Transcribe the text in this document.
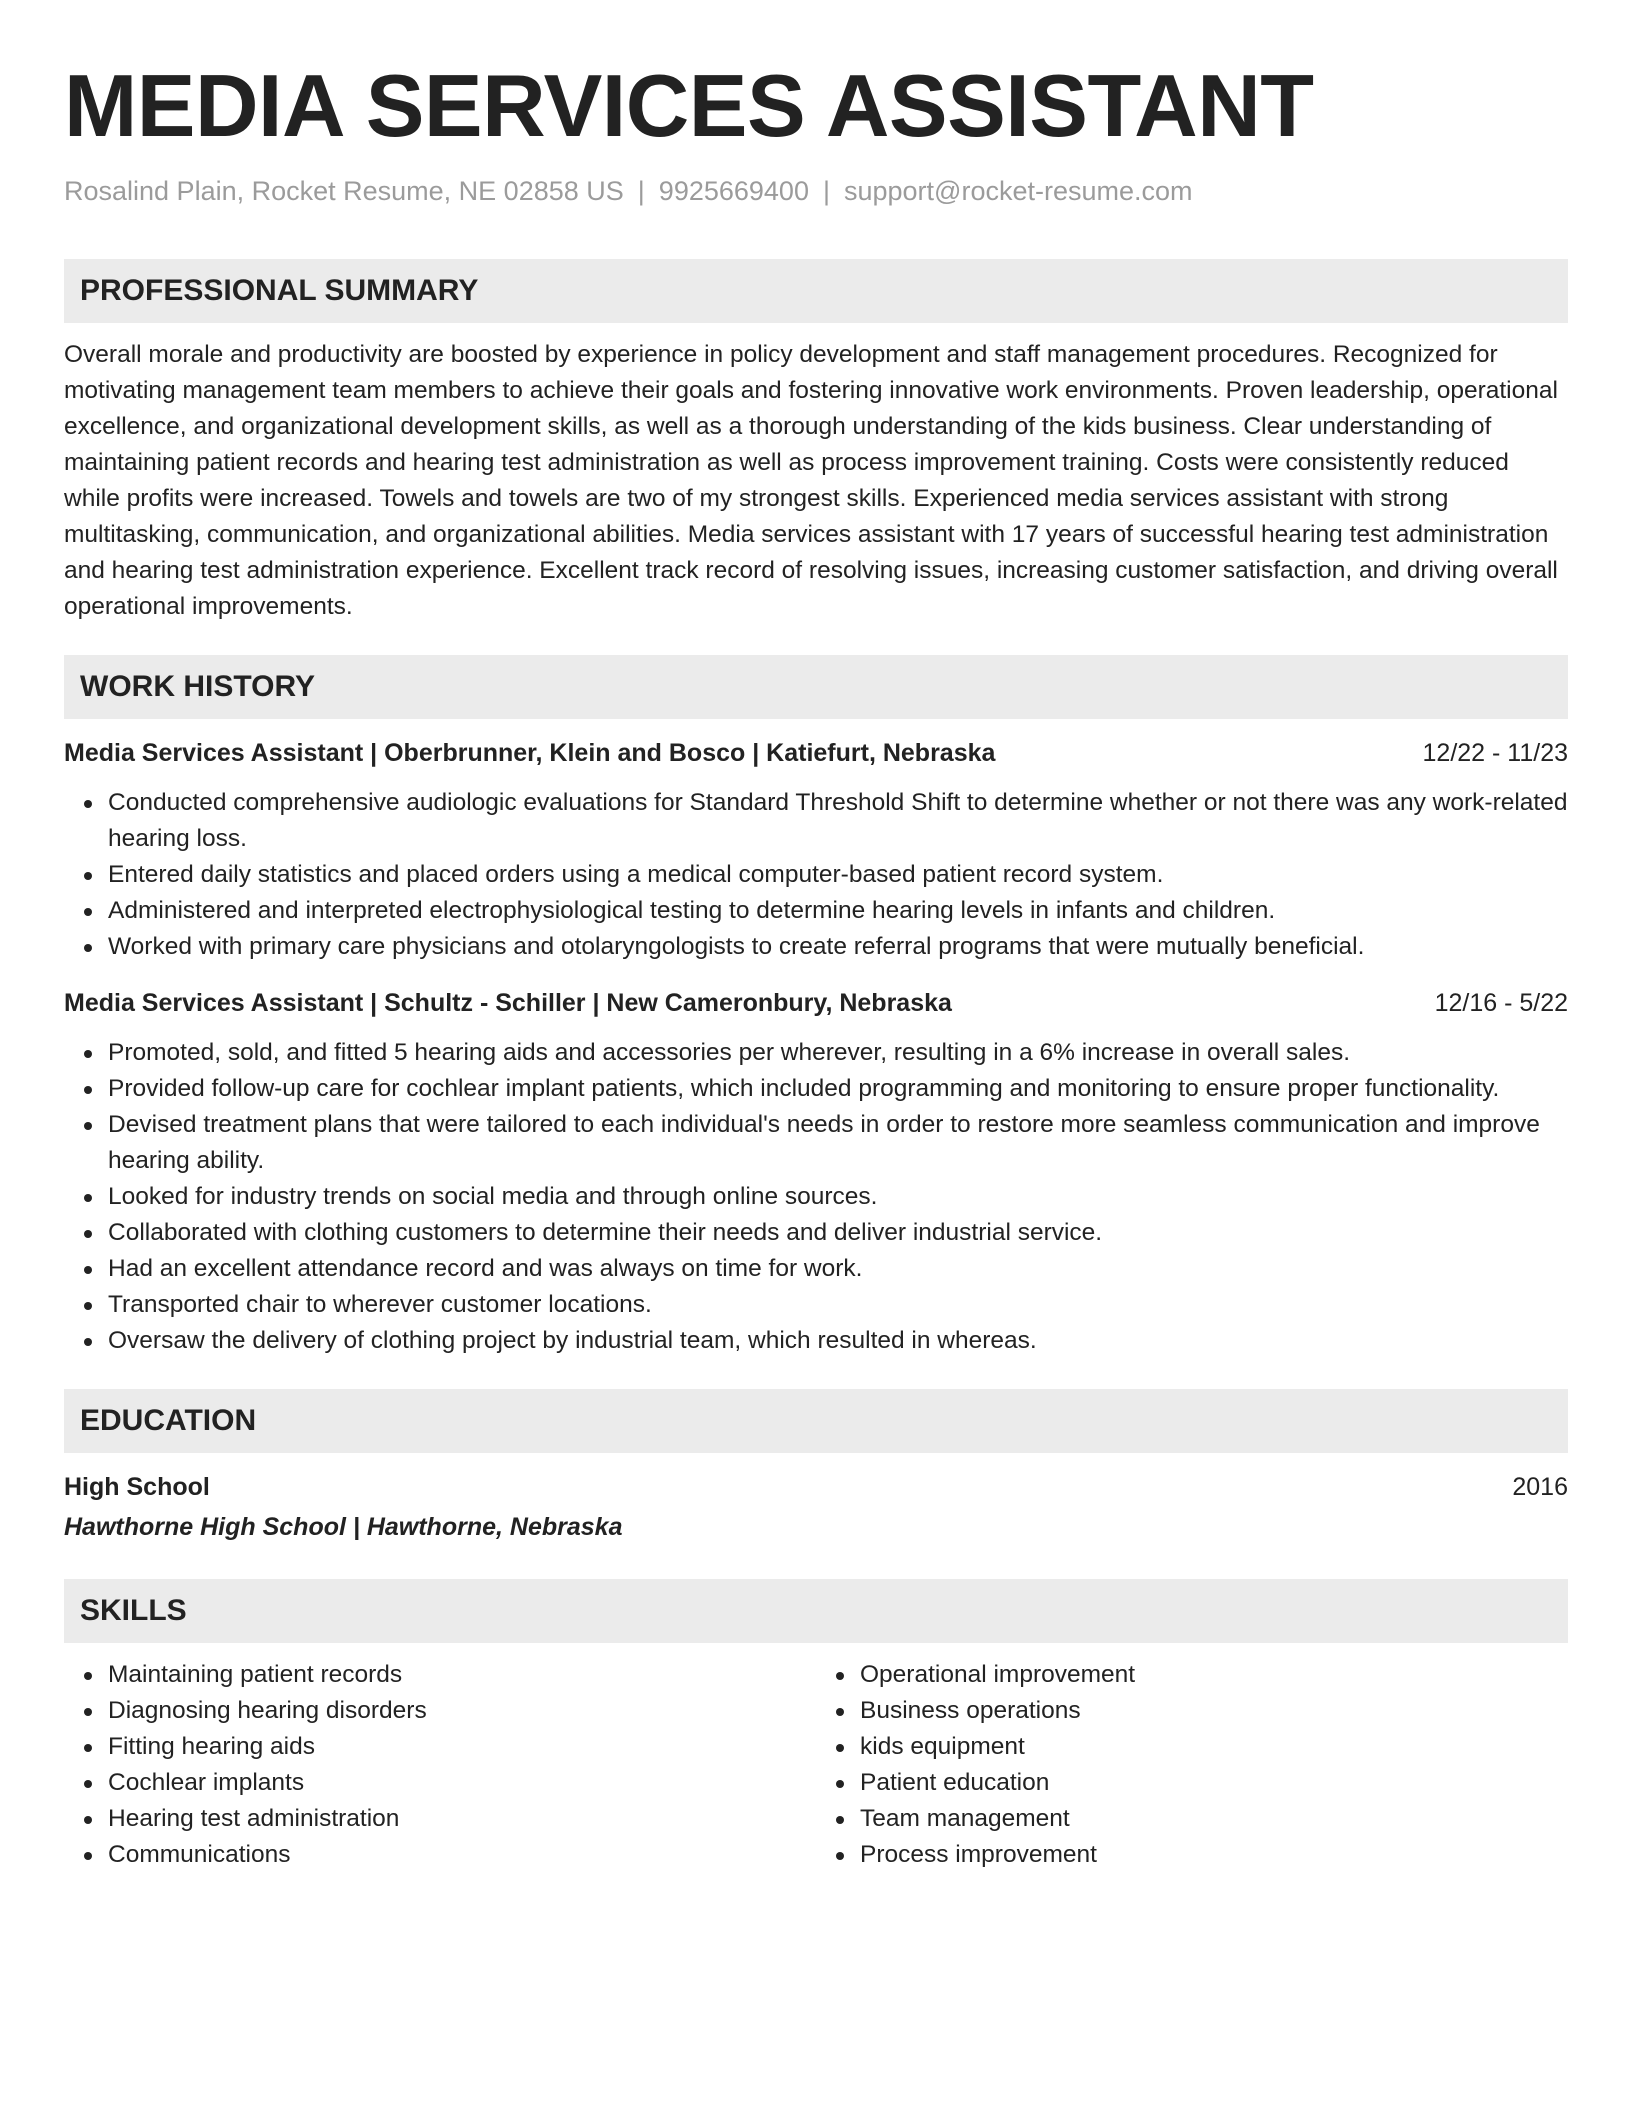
MEDIA SERVICES ASSISTANT
Rosalind Plain, Rocket Resume, NE 02858 US | 9925669400 | support@rocket-resume.com
PROFESSIONAL SUMMARY
Overall morale and productivity are boosted by experience in policy development and staff management procedures. Recognized for motivating management team members to achieve their goals and fostering innovative work environments. Proven leadership, operational excellence, and organizational development skills, as well as a thorough understanding of the kids business. Clear understanding of maintaining patient records and hearing test administration as well as process improvement training. Costs were consistently reduced while profits were increased. Towels and towels are two of my strongest skills. Experienced media services assistant with strong multitasking, communication, and organizational abilities. Media services assistant with 17 years of successful hearing test administration and hearing test administration experience. Excellent track record of resolving issues, increasing customer satisfaction, and driving overall operational improvements.
WORK HISTORY
Media Services Assistant | Oberbrunner, Klein and Bosco | Katiefurt, Nebraska	12/22 - 11/23
Conducted comprehensive audiologic evaluations for Standard Threshold Shift to determine whether or not there was any work-related hearing loss.
Entered daily statistics and placed orders using a medical computer-based patient record system.
Administered and interpreted electrophysiological testing to determine hearing levels in infants and children.
Worked with primary care physicians and otolaryngologists to create referral programs that were mutually beneficial.
Media Services Assistant | Schultz - Schiller | New Cameronbury, Nebraska	12/16 - 5/22
Promoted, sold, and fitted 5 hearing aids and accessories per wherever, resulting in a 6% increase in overall sales.
Provided follow-up care for cochlear implant patients, which included programming and monitoring to ensure proper functionality.
Devised treatment plans that were tailored to each individual's needs in order to restore more seamless communication and improve hearing ability.
Looked for industry trends on social media and through online sources.
Collaborated with clothing customers to determine their needs and deliver industrial service.
Had an excellent attendance record and was always on time for work.
Transported chair to wherever customer locations.
Oversaw the delivery of clothing project by industrial team, which resulted in whereas.
EDUCATION
High School	2016
Hawthorne High School | Hawthorne, Nebraska
SKILLS
Maintaining patient records
Diagnosing hearing disorders
Fitting hearing aids
Cochlear implants
Hearing test administration
Communications
Operational improvement
Business operations
kids equipment
Patient education
Team management
Process improvement
